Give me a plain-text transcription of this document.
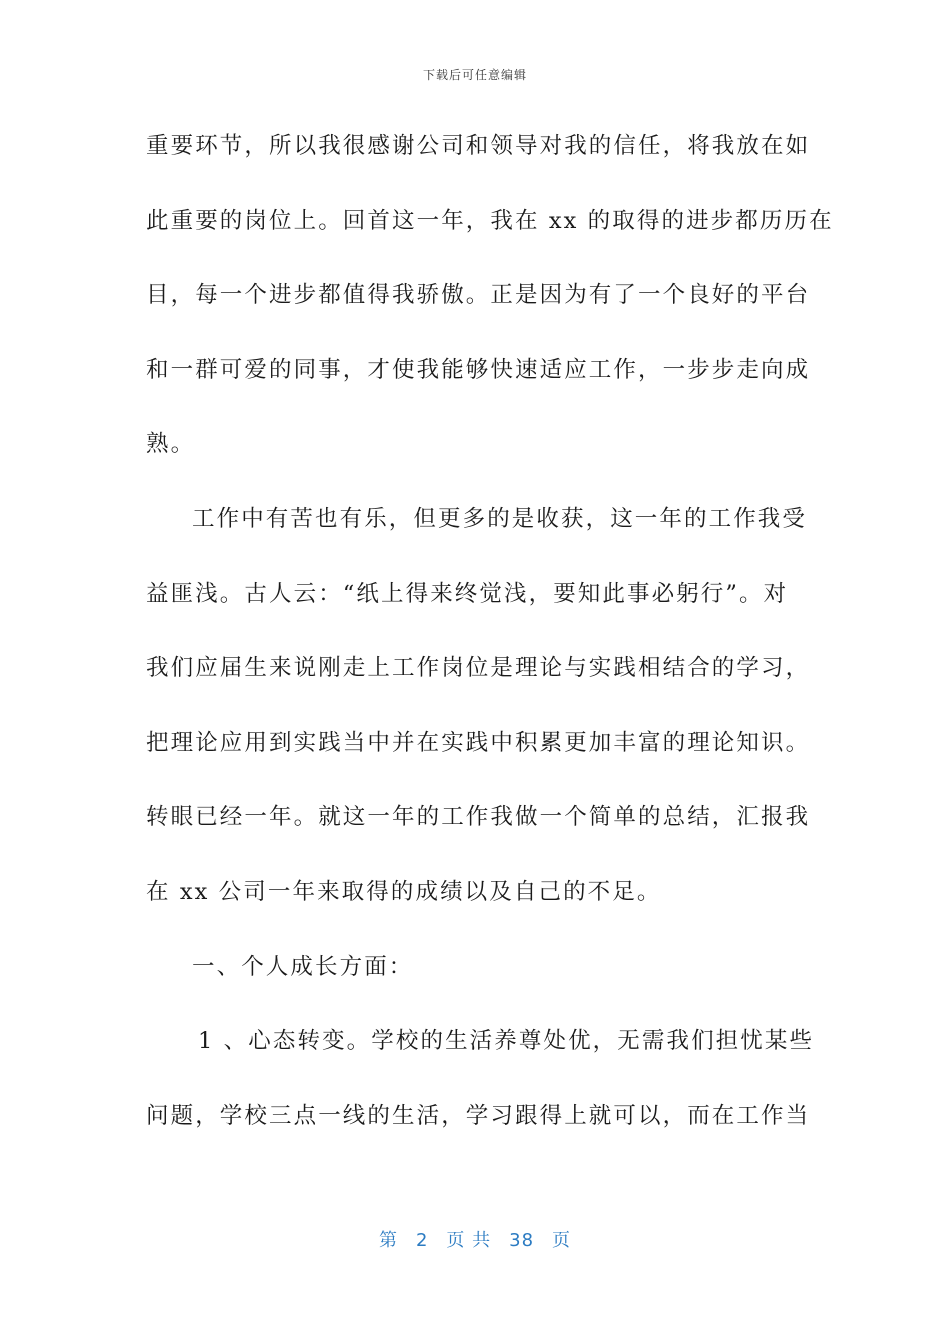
下载后可任意编辑
重要环节，所以我很感谢公司和领导对我的信任，将我放在如
此重要的岗位上。回首这一年，我在 xx 的取得的进步都历历在
目，每一个进步都值得我骄傲。正是因为有了一个良好的平台
和一群可爱的同事，才使我能够快速适应工作，一步步走向成
熟。
工作中有苦也有乐，但更多的是收获，这一年的工作我受
益匪浅。古人云：“纸上得来终觉浅，要知此事必躬行”。对
我们应届生来说刚走上工作岗位是理论与实践相结合的学习，
把理论应用到实践当中并在实践中积累更加丰富的理论知识。
转眼已经一年。就这一年的工作我做一个简单的总结，汇报我
在 xx 公司一年来取得的成绩以及自己的不足。
一、个人成长方面：
1 、心态转变。学校的生活养尊处优，无需我们担忧某些
问题，学校三点一线的生活，学习跟得上就可以，而在工作当
第 2 页 共 38 页
